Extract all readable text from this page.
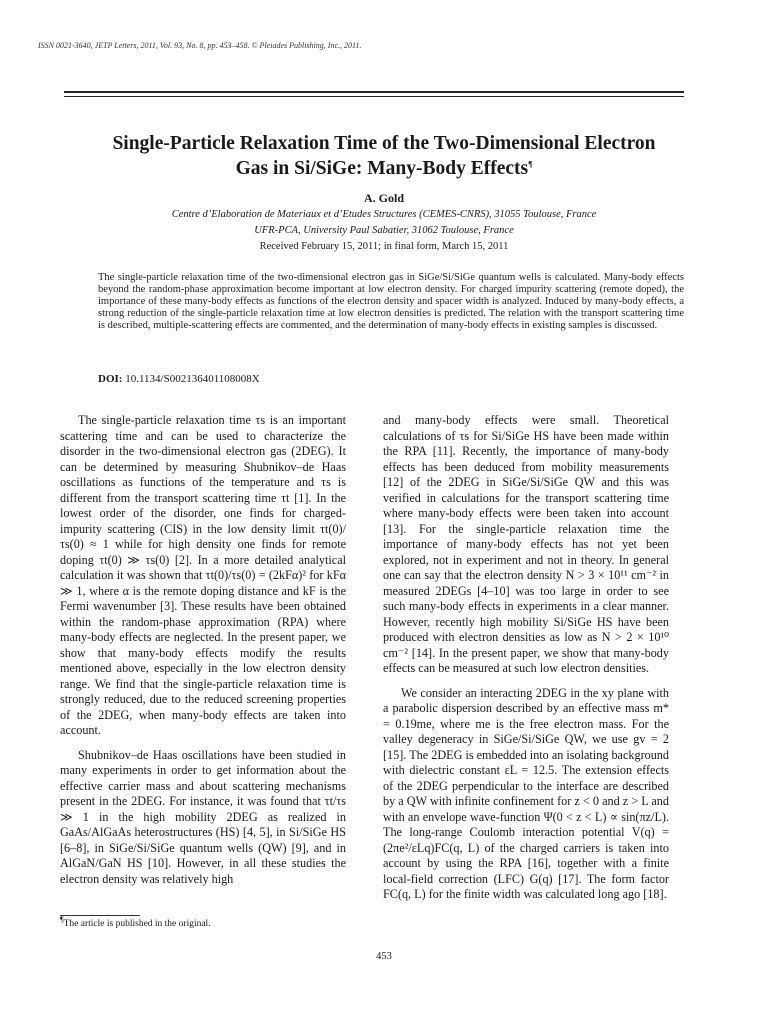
ISSN 0021-3640, JETP Letters, 2011, Vol. 93, No. 8, pp. 453–458. © Pleiades Publishing, Inc., 2011.
Single-Particle Relaxation Time of the Two-Dimensional Electron
Gas in Si/SiGe: Many-Body Effects¶
A. Gold
Centre d’Elaboration de Materiaux et d’Etudes Structures (CEMES-CNRS), 31055 Toulouse, France
UFR-PCA, University Paul Sabatier, 31062 Toulouse, France
Received February 15, 2011; in final form, March 15, 2011
The single-particle relaxation time of the two-dimensional electron gas in SiGe/Si/SiGe quantum wells is calculated. Many-body effects beyond the random-phase approximation become important at low electron density. For charged impurity scattering (remote doped), the importance of these many-body effects as functions of the electron density and spacer width is analyzed. Induced by many-body effects, a strong reduction of the single-particle relaxation time at low electron densities is predicted. The relation with the transport scattering time is described, multiple-scattering effects are commented, and the determination of many-body effects in existing samples is discussed.
DOI: 10.1134/S002136401108008X

The single-particle relaxation time τs is an important scattering time and can be used to characterize the disorder in the two-dimensional electron gas (2DEG). It can be determined by measuring Shubnikov–de Haas oscillations as functions of the temperature and τs is different from the transport scattering time τt [1]. In the lowest order of the disorder, one finds for charged-impurity scattering (CIS) in the low density limit τt(0)/τs(0) ≈ 1 while for high density one finds for remote doping τt(0) ≫ τs(0) [2]. In a more detailed analytical calculation it was shown that τt(0)/τs(0) = (2kFα)² for kFα ≫ 1, where α is the remote doping distance and kF is the Fermi wavenumber [3]. These results have been obtained within the random-phase approximation (RPA) where many-body effects are neglected. In the present paper, we show that many-body effects modify the results mentioned above, especially in the low electron density range. We find that the single-particle relaxation time is strongly reduced, due to the reduced screening properties of the 2DEG, when many-body effects are taken into account.

Shubnikov–de Haas oscillations have been studied in many experiments in order to get information about the effective carrier mass and about scattering mechanisms present in the 2DEG. For instance, it was found that τt/τs ≫ 1 in the high mobility 2DEG as realized in GaAs/AlGaAs heterostructures (HS) [4, 5], in Si/SiGe HS [6–8], in SiGe/Si/SiGe quantum wells (QW) [9], and in AlGaN/GaN HS [10]. However, in all these studies the electron density was relatively high

and many-body effects were small. Theoretical calculations of τs for Si/SiGe HS have been made within the RPA [11]. Recently, the importance of many-body effects has been deduced from mobility measurements [12] of the 2DEG in SiGe/Si/SiGe QW and this was verified in calculations for the transport scattering time where many-body effects were been taken into account [13]. For the single-particle relaxation time the importance of many-body effects has not yet been explored, not in experiment and not in theory. In general one can say that the electron density N > 3 × 10¹¹ cm⁻² in measured 2DEGs [4–10] was too large in order to see such many-body effects in experiments in a clear manner. However, recently high mobility Si/SiGe HS have been produced with electron densities as low as N > 2 × 10¹⁰ cm⁻² [14]. In the present paper, we show that many-body effects can be measured at such low electron densities.

We consider an interacting 2DEG in the xy plane with a parabolic dispersion described by an effective mass m* = 0.19me, where me is the free electron mass. For the valley degeneracy in SiGe/Si/SiGe QW, we use gv = 2 [15]. The 2DEG is embedded into an isolating background with dielectric constant εL = 12.5. The extension effects of the 2DEG perpendicular to the interface are described by a QW with infinite confinement for z < 0 and z > L and with an envelope wave-function Ψ(0 < z < L) ∝ sin(πz/L). The long-range Coulomb interaction potential V(q) = (2πe²/εLq)FC(q, L) of the charged carriers is taken into account by using the RPA [16], together with a finite local-field correction (LFC) G(q) [17]. The form factor FC(q, L) for the finite width was calculated long ago [18].

¶The article is published in the original.
453
